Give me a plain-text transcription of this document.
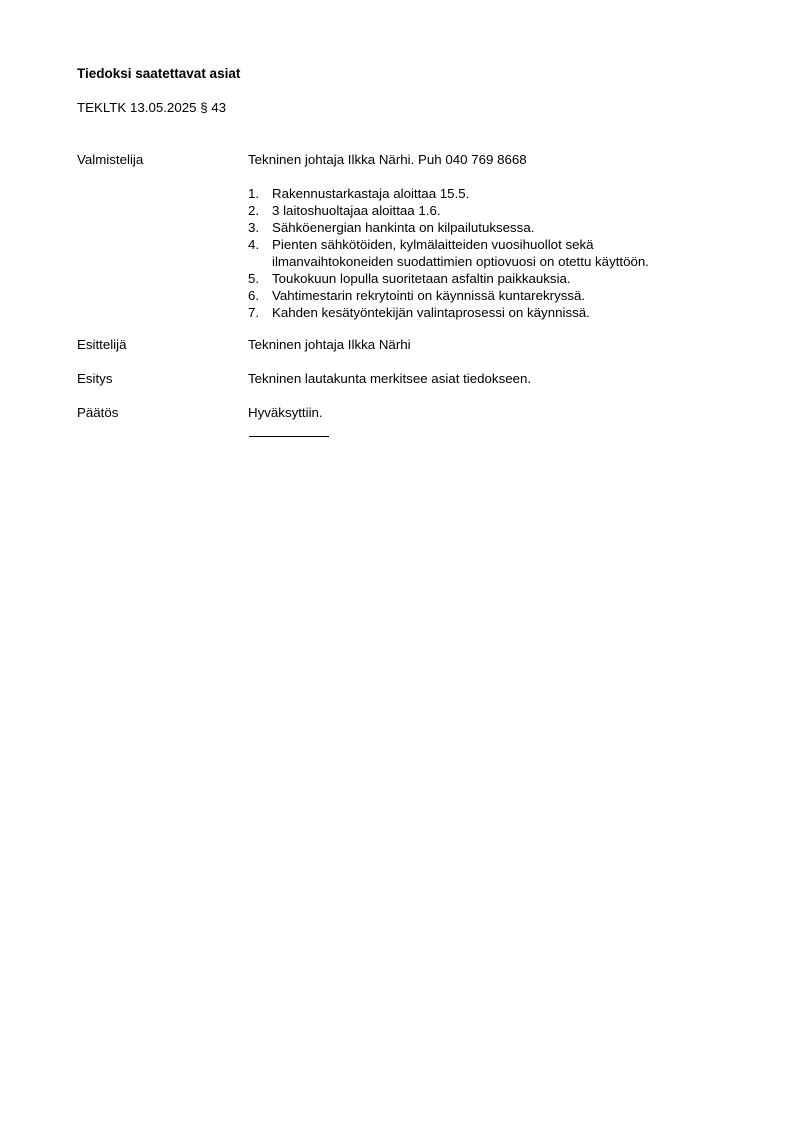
Tiedoksi saatettavat asiat

TEKLTK 13.05.2025 § 43

Valmistelija	Tekninen johtaja Ilkka Närhi. Puh 040 769 8668

1. Rakennustarkastaja aloittaa 15.5.
2. 3 laitoshuoltajaa aloittaa 1.6.
3. Sähköenergian hankinta on kilpailutuksessa.
4. Pienten sähkötöiden, kylmälaitteiden vuosihuollot sekä ilmanvaihtokoneiden suodattimien optiovuosi on otettu käyttöön.
5. Toukokuun lopulla suoritetaan asfaltin paikkauksia.
6. Vahtimestarin rekrytointi on käynnissä kuntarekryssä.
7. Kahden kesätyöntekijän valintaprosessi on käynnissä.

Esittelijä	Tekninen johtaja Ilkka Närhi

Esitys	Tekninen lautakunta merkitsee asiat tiedokseen.

Päätös	Hyväksyttiin.
